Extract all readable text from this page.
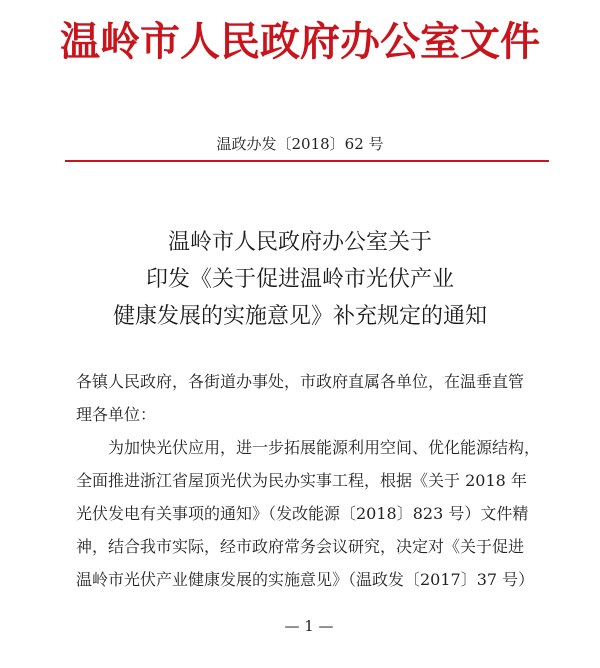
温岭市人民政府办公室文件
温政办发〔2018〕62 号
温岭市人民政府办公室关于
印发《关于促进温岭市光伏产业
健康发展的实施意见》补充规定的通知
各镇人民政府，各街道办事处，市政府直属各单位，在温垂直管
理各单位：
为加快光伏应用，进一步拓展能源利用空间、优化能源结构，
全面推进浙江省屋顶光伏为民办实事工程，根据《关于 2018 年
光伏发电有关事项的通知》（发改能源〔2018〕823 号）文件精
神，结合我市实际，经市政府常务会议研究，决定对《关于促进
温岭市光伏产业健康发展的实施意见》（温政发〔2017〕37 号）
— 1 —
